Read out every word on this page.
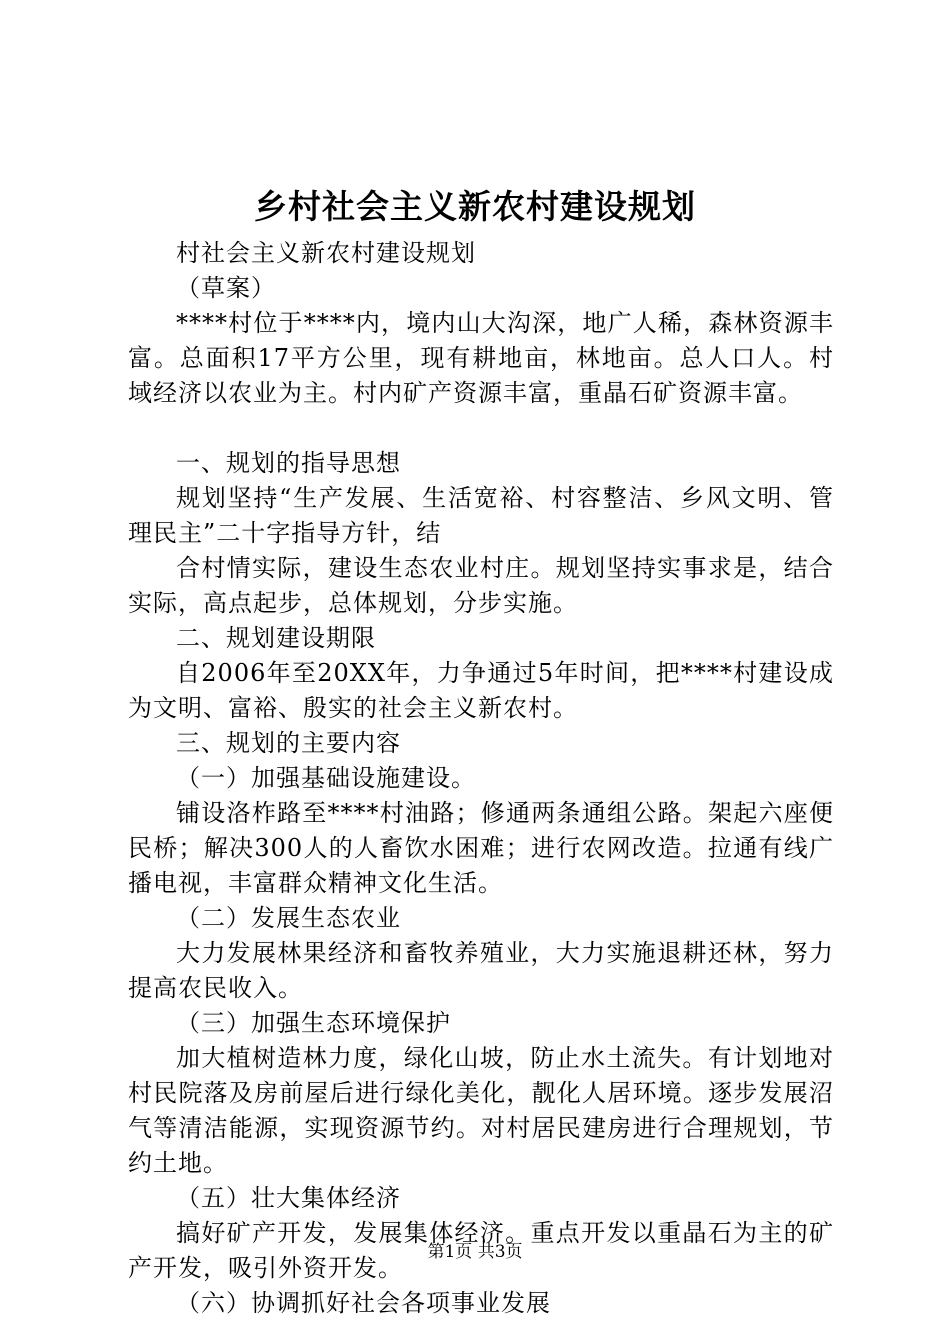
乡村社会主义新农村建设规划

村社会主义新农村建设规划

（草案）

****村位于****内，境内山大沟深，地广人稀，森林资源丰富。总面积17平方公里，现有耕地亩，林地亩。总人口人。村域经济以农业为主。村内矿产资源丰富，重晶石矿资源丰富。

一、规划的指导思想

规划坚持“生产发展、生活宽裕、村容整洁、乡风文明、管理民主”二十字指导方针，结

合村情实际，建设生态农业村庄。规划坚持实事求是，结合实际，高点起步，总体规划，分步实施。

二、规划建设期限

自2006年至20XX年，力争通过5年时间，把****村建设成为文明、富裕、殷实的社会主义新农村。

三、规划的主要内容

（一）加强基础设施建设。

铺设洛柞路至****村油路；修通两条通组公路。架起六座便民桥；解决300人的人畜饮水困难；进行农网改造。拉通有线广播电视，丰富群众精神文化生活。

（二）发展生态农业

大力发展林果经济和畜牧养殖业，大力实施退耕还林，努力提高农民收入。

（三）加强生态环境保护

加大植树造林力度，绿化山坡，防止水土流失。有计划地对村民院落及房前屋后进行绿化美化，靓化人居环境。逐步发展沼气等清洁能源，实现资源节约。对村居民建房进行合理规划，节约土地。

（五）壮大集体经济

搞好矿产开发，发展集体经济。重点开发以重晶石为主的矿产开发，吸引外资开发。

（六）协调抓好社会各项事业发展

第1页 共3页
